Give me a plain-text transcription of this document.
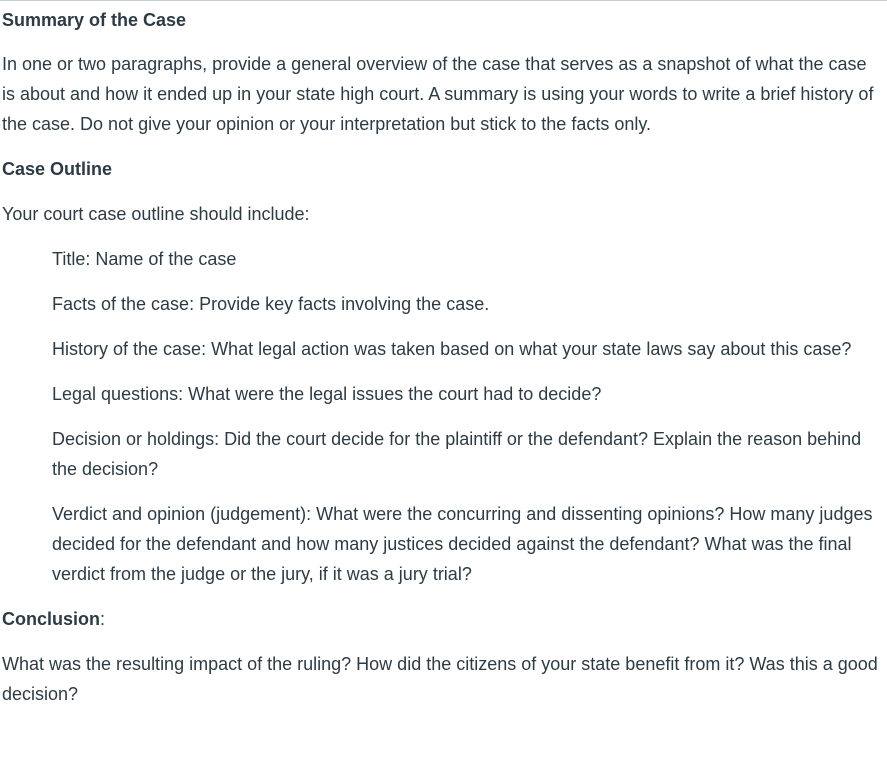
Summary of the Case

In one or two paragraphs, provide a general overview of the case that serves as a snapshot of what the case is about and how it ended up in your state high court. A summary is using your words to write a brief history of the case. Do not give your opinion or your interpretation but stick to the facts only.

Case Outline

Your court case outline should include:

Title: Name of the case
Facts of the case: Provide key facts involving the case.
History of the case: What legal action was taken based on what your state laws say about this case?
Legal questions: What were the legal issues the court had to decide?
Decision or holdings: Did the court decide for the plaintiff or the defendant? Explain the reason behind the decision?
Verdict and opinion (judgement): What were the concurring and dissenting opinions? How many judges decided for the defendant and how many justices decided against the defendant? What was the final verdict from the judge or the jury, if it was a jury trial?

Conclusion:

What was the resulting impact of the ruling? How did the citizens of your state benefit from it? Was this a good decision?
